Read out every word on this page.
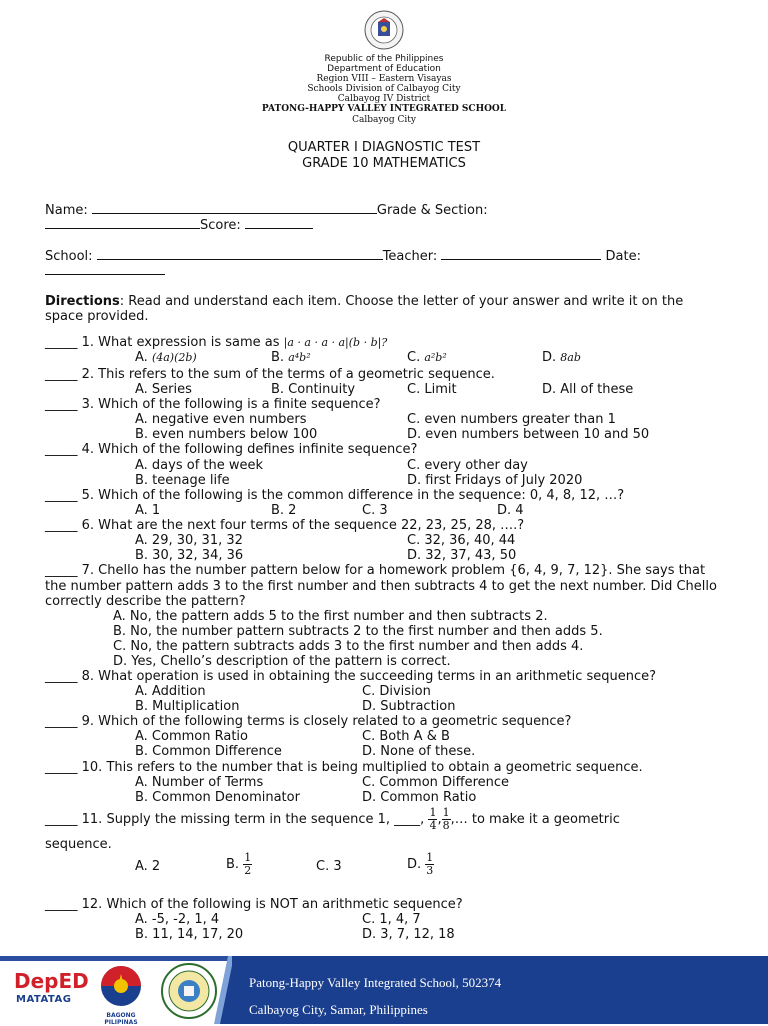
Republic of the Philippines
Department of Education
Region VIII – Eastern Visayas
Schools Division of Calbayog City
Calbayog IV District
PATONG-HAPPY VALLEY INTEGRATED SCHOOL
Calbayog City
QUARTER I DIAGNOSTIC TEST
GRADE 10 MATHEMATICS
Name:	Grade & Section:
Score:
School:	Teacher:	Date:
Directions: Read and understand each item. Choose the letter of your answer and write it on the
space provided.
_____ 1. What expression is same as |a · a · a · a|(b · b|?
A. (4a)(2b)	B. a⁴b²	C. a²b²	D. 8ab
_____ 2. This refers to the sum of the terms of a geometric sequence.
A. Series	B. Continuity	C. Limit	D. All of these
_____ 3. Which of the following is a finite sequence?
A. negative even numbers	C. even numbers greater than 1
B. even numbers below 100	D. even numbers between 10 and 50
_____ 4. Which of the following defines infinite sequence?
A. days of the week	C. every other day
B. teenage life	D. first Fridays of July 2020
_____ 5. Which of the following is the common difference in the sequence: 0, 4, 8, 12, …?
A. 1	B. 2	C. 3	D. 4
_____ 6. What are the next four terms of the sequence 22, 23, 25, 28, ….?
A. 29, 30, 31, 32	C. 32, 36, 40, 44
B. 30, 32, 34, 36	D. 32, 37, 43, 50
_____ 7. Chello has the number pattern below for a homework problem {6, 4, 9, 7, 12}. She says that
the number pattern adds 3 to the first number and then subtracts 4 to get the next number. Did Chello
correctly describe the pattern?
A. No, the pattern adds 5 to the first number and then subtracts 2.
B. No, the number pattern subtracts 2 to the first number and then adds 5.
C. No, the pattern subtracts adds 3 to the first number and then adds 4.
D. Yes, Chello’s description of the pattern is correct.
_____ 8. What operation is used in obtaining the succeeding terms in an arithmetic sequence?
A. Addition	C. Division
B. Multiplication	D. Subtraction
_____ 9. Which of the following terms is closely related to a geometric sequence?
A. Common Ratio	C. Both A & B
B. Common Difference	D. None of these.
_____ 10. This refers to the number that is being multiplied to obtain a geometric sequence.
A. Number of Terms	C. Common Difference
B. Common Denominator	D. Common Ratio
_____ 11. Supply the missing term in the sequence 1, ____, $\frac{1}{4}$ , $\frac{1}{8}$ ,… to make it a geometric
sequence.
A. 2	B. $\frac{1}{2}$	C. 3	D. $\frac{1}{3}$
_____ 12. Which of the following is NOT an arithmetic sequence?
A. -5, -2, 1, 4	C. 1, 4, 7
B. 11, 14, 17, 20	D. 3, 7, 12, 18
DepED
MATATAG
BAGONG PILIPINAS
Patong-Happy Valley Integrated School, 502374
Calbayog City, Samar, Philippines
